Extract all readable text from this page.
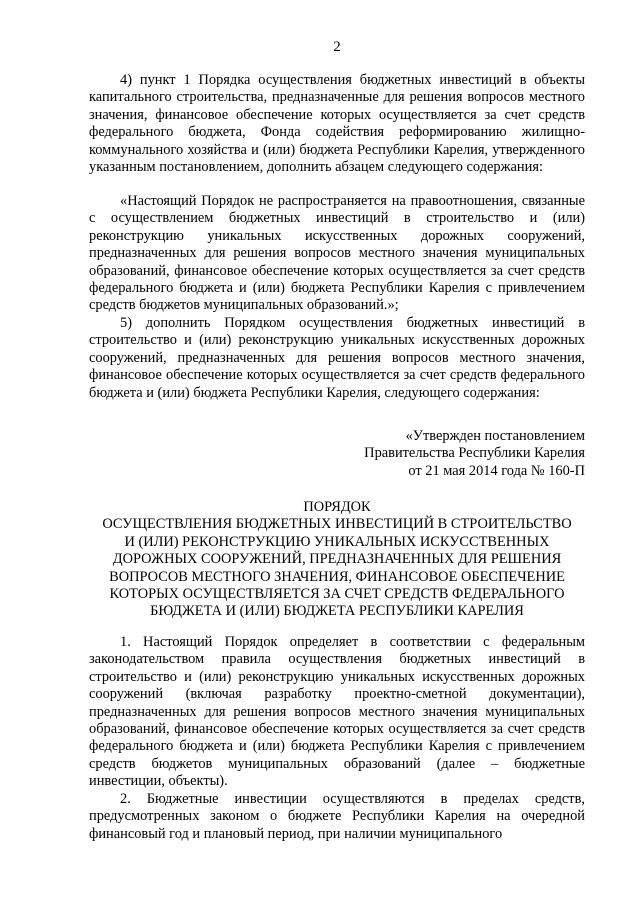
2

4) пункт 1 Порядка осуществления бюджетных инвестиций в объекты капитального строительства, предназначенные для решения вопросов местного значения, финансовое обеспечение которых осуществляется за счет средств федерального бюджета, Фонда содействия реформированию жилищно-коммунального хозяйства и (или) бюджета Республики Карелия, утвержденного указанным постановлением, дополнить абзацем следующего содержания:

«Настоящий Порядок не распространяется на правоотношения, связанные с осуществлением бюджетных инвестиций в строительство и (или) реконструкцию уникальных искусственных дорожных сооружений, предназначенных для решения вопросов местного значения муниципальных образований, финансовое обеспечение которых осуществляется за счет средств федерального бюджета и (или) бюджета Республики Карелия с привлечением средств бюджетов муниципальных образований.»;

5) дополнить Порядком осуществления бюджетных инвестиций в строительство и (или) реконструкцию уникальных искусственных дорожных сооружений, предназначенных для решения вопросов местного значения, финансовое обеспечение которых осуществляется за счет средств федерального бюджета и (или) бюджета Республики Карелия, следующего содержания:

«Утвержден постановлением
Правительства Республики Карелия
от 21 мая 2014 года № 160-П
ПОРЯДОК
ОСУЩЕСТВЛЕНИЯ БЮДЖЕТНЫХ ИНВЕСТИЦИЙ В СТРОИТЕЛЬСТВО
И (ИЛИ) РЕКОНСТРУКЦИЮ УНИКАЛЬНЫХ ИСКУССТВЕННЫХ
ДОРОЖНЫХ СООРУЖЕНИЙ, ПРЕДНАЗНАЧЕННЫХ ДЛЯ РЕШЕНИЯ
ВОПРОСОВ МЕСТНОГО ЗНАЧЕНИЯ, ФИНАНСОВОЕ ОБЕСПЕЧЕНИЕ
КОТОРЫХ ОСУЩЕСТВЛЯЕТСЯ ЗА СЧЕТ СРЕДСТВ ФЕДЕРАЛЬНОГО
БЮДЖЕТА И (ИЛИ) БЮДЖЕТА РЕСПУБЛИКИ КАРЕЛИЯ

1. Настоящий Порядок определяет в соответствии с федеральным законодательством правила осуществления бюджетных инвестиций в строительство и (или) реконструкцию уникальных искусственных дорожных сооружений (включая разработку проектно-сметной документации), предназначенных для решения вопросов местного значения муниципальных образований, финансовое обеспечение которых осуществляется за счет средств федерального бюджета и (или) бюджета Республики Карелия с привлечением средств бюджетов муниципальных образований (далее – бюджетные инвестиции, объекты).

2. Бюджетные инвестиции осуществляются в пределах средств, предусмотренных законом о бюджете Республики Карелия на очередной финансовый год и плановый период, при наличии муниципального
